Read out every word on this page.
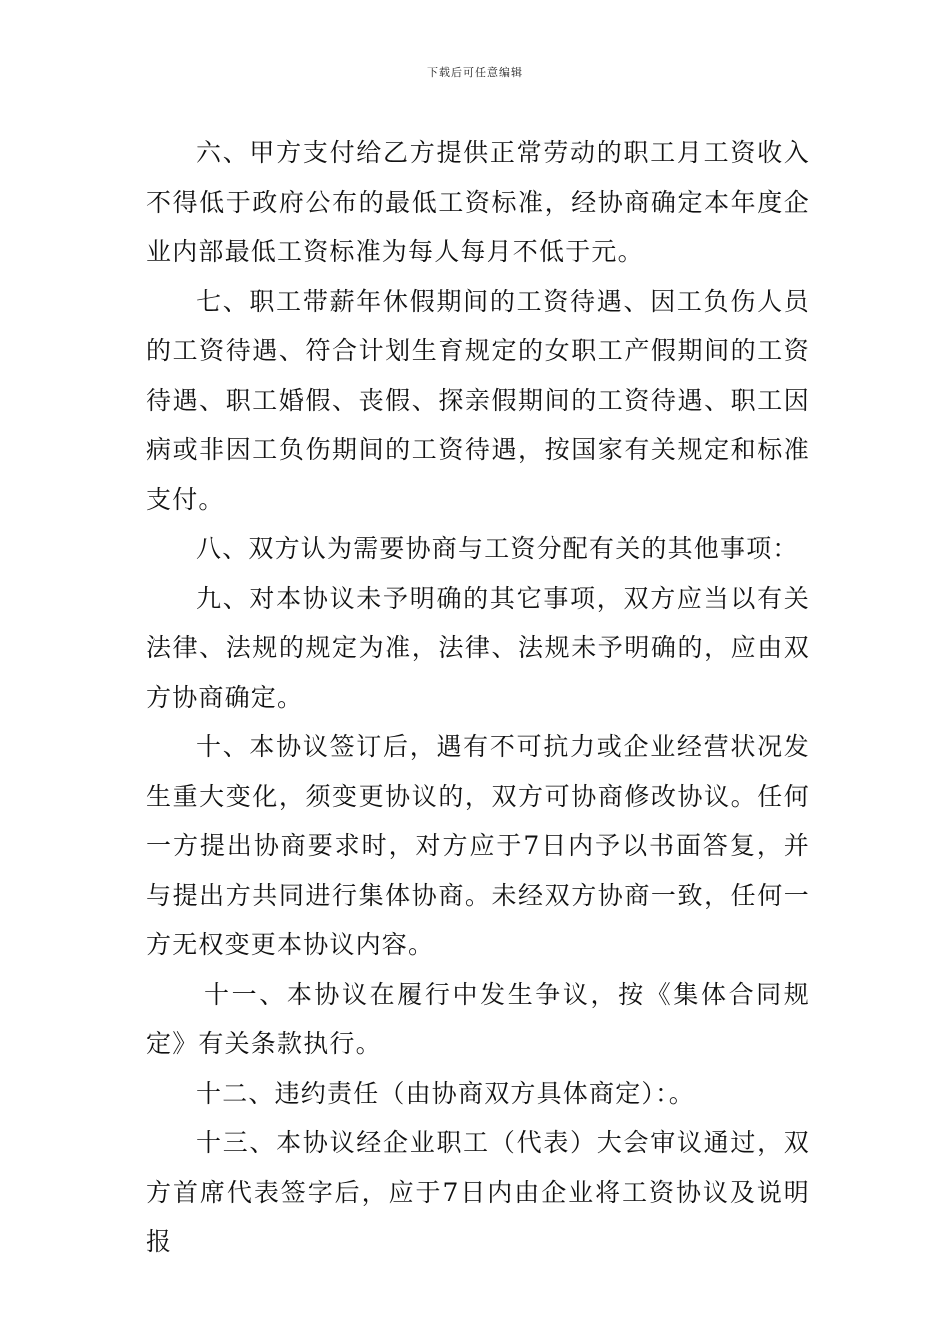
下载后可任意编辑

六、甲方支付给乙方提供正常劳动的职工月工资收入不得低于政府公布的最低工资标准，经协商确定本年度企业内部最低工资标准为每人每月不低于元。

七、职工带薪年休假期间的工资待遇、因工负伤人员的工资待遇、符合计划生育规定的女职工产假期间的工资待遇、职工婚假、丧假、探亲假期间的工资待遇、职工因病或非因工负伤期间的工资待遇，按国家有关规定和标准支付。

八、双方认为需要协商与工资分配有关的其他事项：

九、对本协议未予明确的其它事项，双方应当以有关法律、法规的规定为准，法律、法规未予明确的，应由双方协商确定。

十、本协议签订后，遇有不可抗力或企业经营状况发生重大变化，须变更协议的，双方可协商修改协议。任何一方提出协商要求时，对方应于7日内予以书面答复，并与提出方共同进行集体协商。未经双方协商一致，任何一方无权变更本协议内容。

十一、本协议在履行中发生争议，按《集体合同规定》有关条款执行。

十二、违约责任（由协商双方具体商定）：。

十三、本协议经企业职工（代表）大会审议通过，双方首席代表签字后，应于7日内由企业将工资协议及说明报
